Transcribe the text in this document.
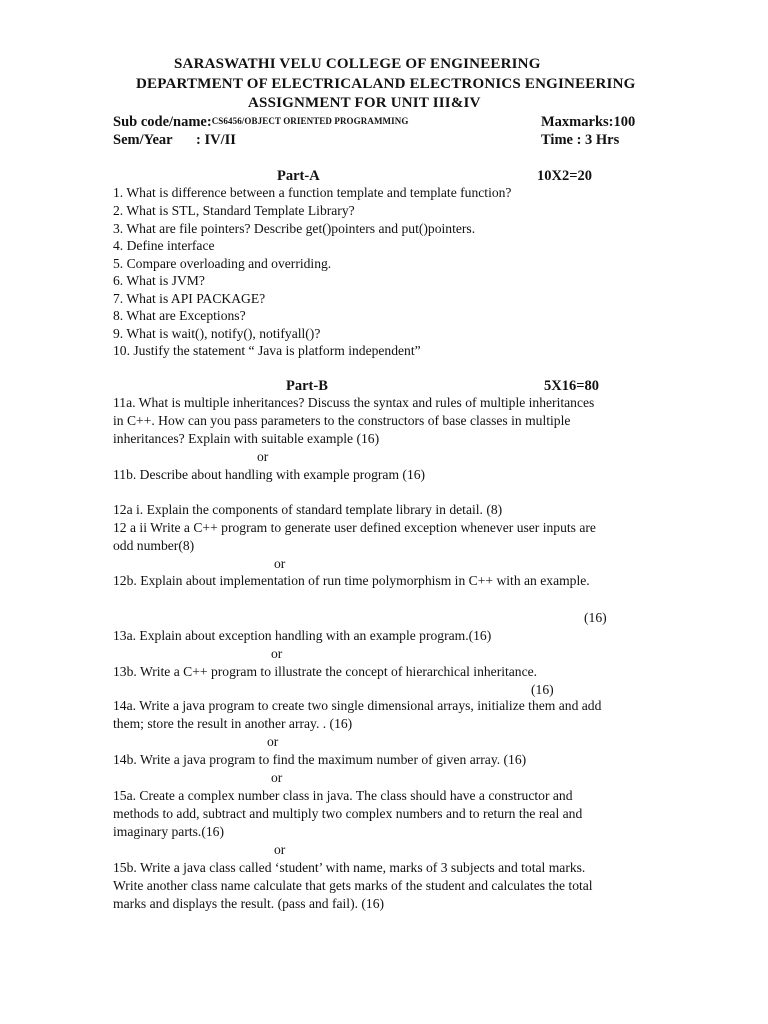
SARASWATHI VELU COLLEGE OF ENGINEERING
DEPARTMENT OF ELECTRICALAND ELECTRONICS ENGINEERING
ASSIGNMENT FOR UNIT III&IV
Sub code/name:CS6456/OBJECT ORIENTED PROGRAMMING	Maxmarks:100
Sem/Year : IV/II	Time : 3 Hrs
Part-A	10X2=20
1. What is difference between a function template and template function?
2. What is STL, Standard Template Library?
3. What are file pointers? Describe get()pointers and put()pointers.
4. Define interface
5. Compare overloading and overriding.
6. What is JVM?
7. What is API PACKAGE?
8. What are Exceptions?
9. What is wait(), notify(), notifyall()?
10. Justify the statement “ Java is platform independent”
Part-B	5X16=80
11a. What is multiple inheritances? Discuss the syntax and rules of multiple inheritances
in C++. How can you pass parameters to the constructors of base classes in multiple
inheritances? Explain with suitable example (16)
or
11b. Describe about handling with example program (16)
12a i. Explain the components of standard template library in detail. (8)
12 a ii Write a C++ program to generate user defined exception whenever user inputs are
odd number(8)
or
12b. Explain about implementation of run time polymorphism in C++ with an example.
(16)
13a. Explain about exception handling with an example program.(16)
or
13b. Write a C++ program to illustrate the concept of hierarchical inheritance.
(16)
14a. Write a java program to create two single dimensional arrays, initialize them and add
them; store the result in another array. . (16)
or
14b. Write a java program to find the maximum number of given array. (16)
or
15a. Create a complex number class in java. The class should have a constructor and
methods to add, subtract and multiply two complex numbers and to return the real and
imaginary parts.(16)
or
15b. Write a java class called ‘student’ with name, marks of 3 subjects and total marks.
Write another class name calculate that gets marks of the student and calculates the total
marks and displays the result. (pass and fail). (16)
